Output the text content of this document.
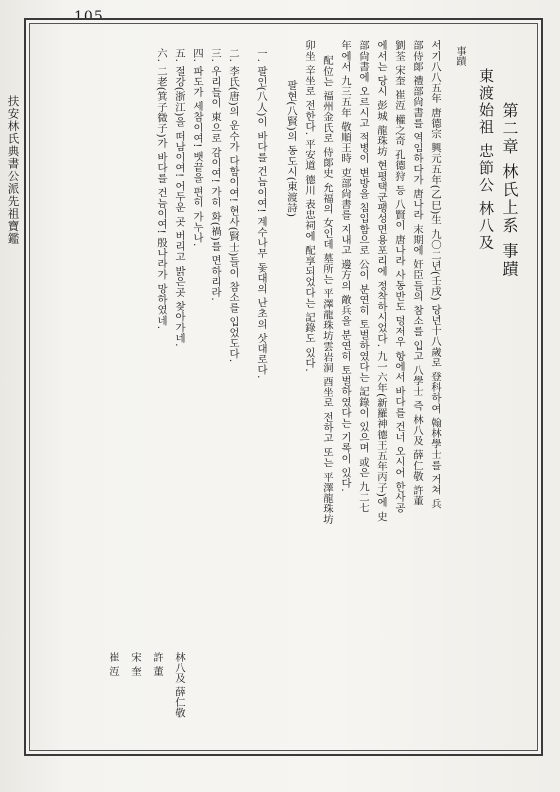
105
扶安林氏典書公派先祖寶鑑	第二章 林氏上系 事蹟
東渡始祖 忠節公 林八及
事蹟
서기八八五年 唐德宗 興元五年(乙巳)生 九〇二년(壬戌) 당년十八歲로 登科하여 翰林學士를 거쳐 兵
部侍郞 禮部尙書를 역임하다가 唐나라 末期에 奸臣들의 참소를 입고 八學士 즉 林八及 薛仁敬 許董
劉荃 宋奎 崔沍 權之奇 孔德狩 등 八賢이 唐나라 사동반도 덩저우 항에서 바다를 건너 오시어 한사공
에서는 당시 彭城 龍珠坊 현평택군팽성면용포리에 정착하시었다. 九一六年(新羅神德王五年丙子)에 史
部尙書에 오르시고 적병이 변방을 침입함으로 公이 분연히 토벌하였다는 記錄이 있으며 或은 九二七
年에서 九三五年 敬順王時 吏部尙書를 지내고 邊方의 敵兵을 분연히 토벌하였다는 기록이 있다.
配位는 福州金氏로 侍郞史 允福의 女인데 墓所는 平澤龍珠坊雲岩洞 酉坐로 전하고 또는 平澤龍珠坊
卯坐 辛坐로 전한다. 平安道 德川 表忠祠에 配享되었다는 記錄도 있다.
팔현(八賢)의 동도시(東渡詩)
一. 팔인(八人)이 바다를 건늠이여! 계수나무 돛대의 난초의 삿대로다.
二. 李氏(唐)의 운수가 다함이여! 현사(賢士)들이 참소를 입었도다.
三. 우리들이 東으로 감이여! 가히 화(禍)를 면하리라.
四. 파도가 세참이여! 뱃끝을 편히 가누나.
五. 절강(浙江)을 떠남이여! 어두운 곳 버리고 밝은곳 찾아가네.
六. 二老(箕子微子)가 바다를 건늠이여! 殷나라가 망하였네.
林八及 薛仁敬
許 董
宋 奎
崔 沍
